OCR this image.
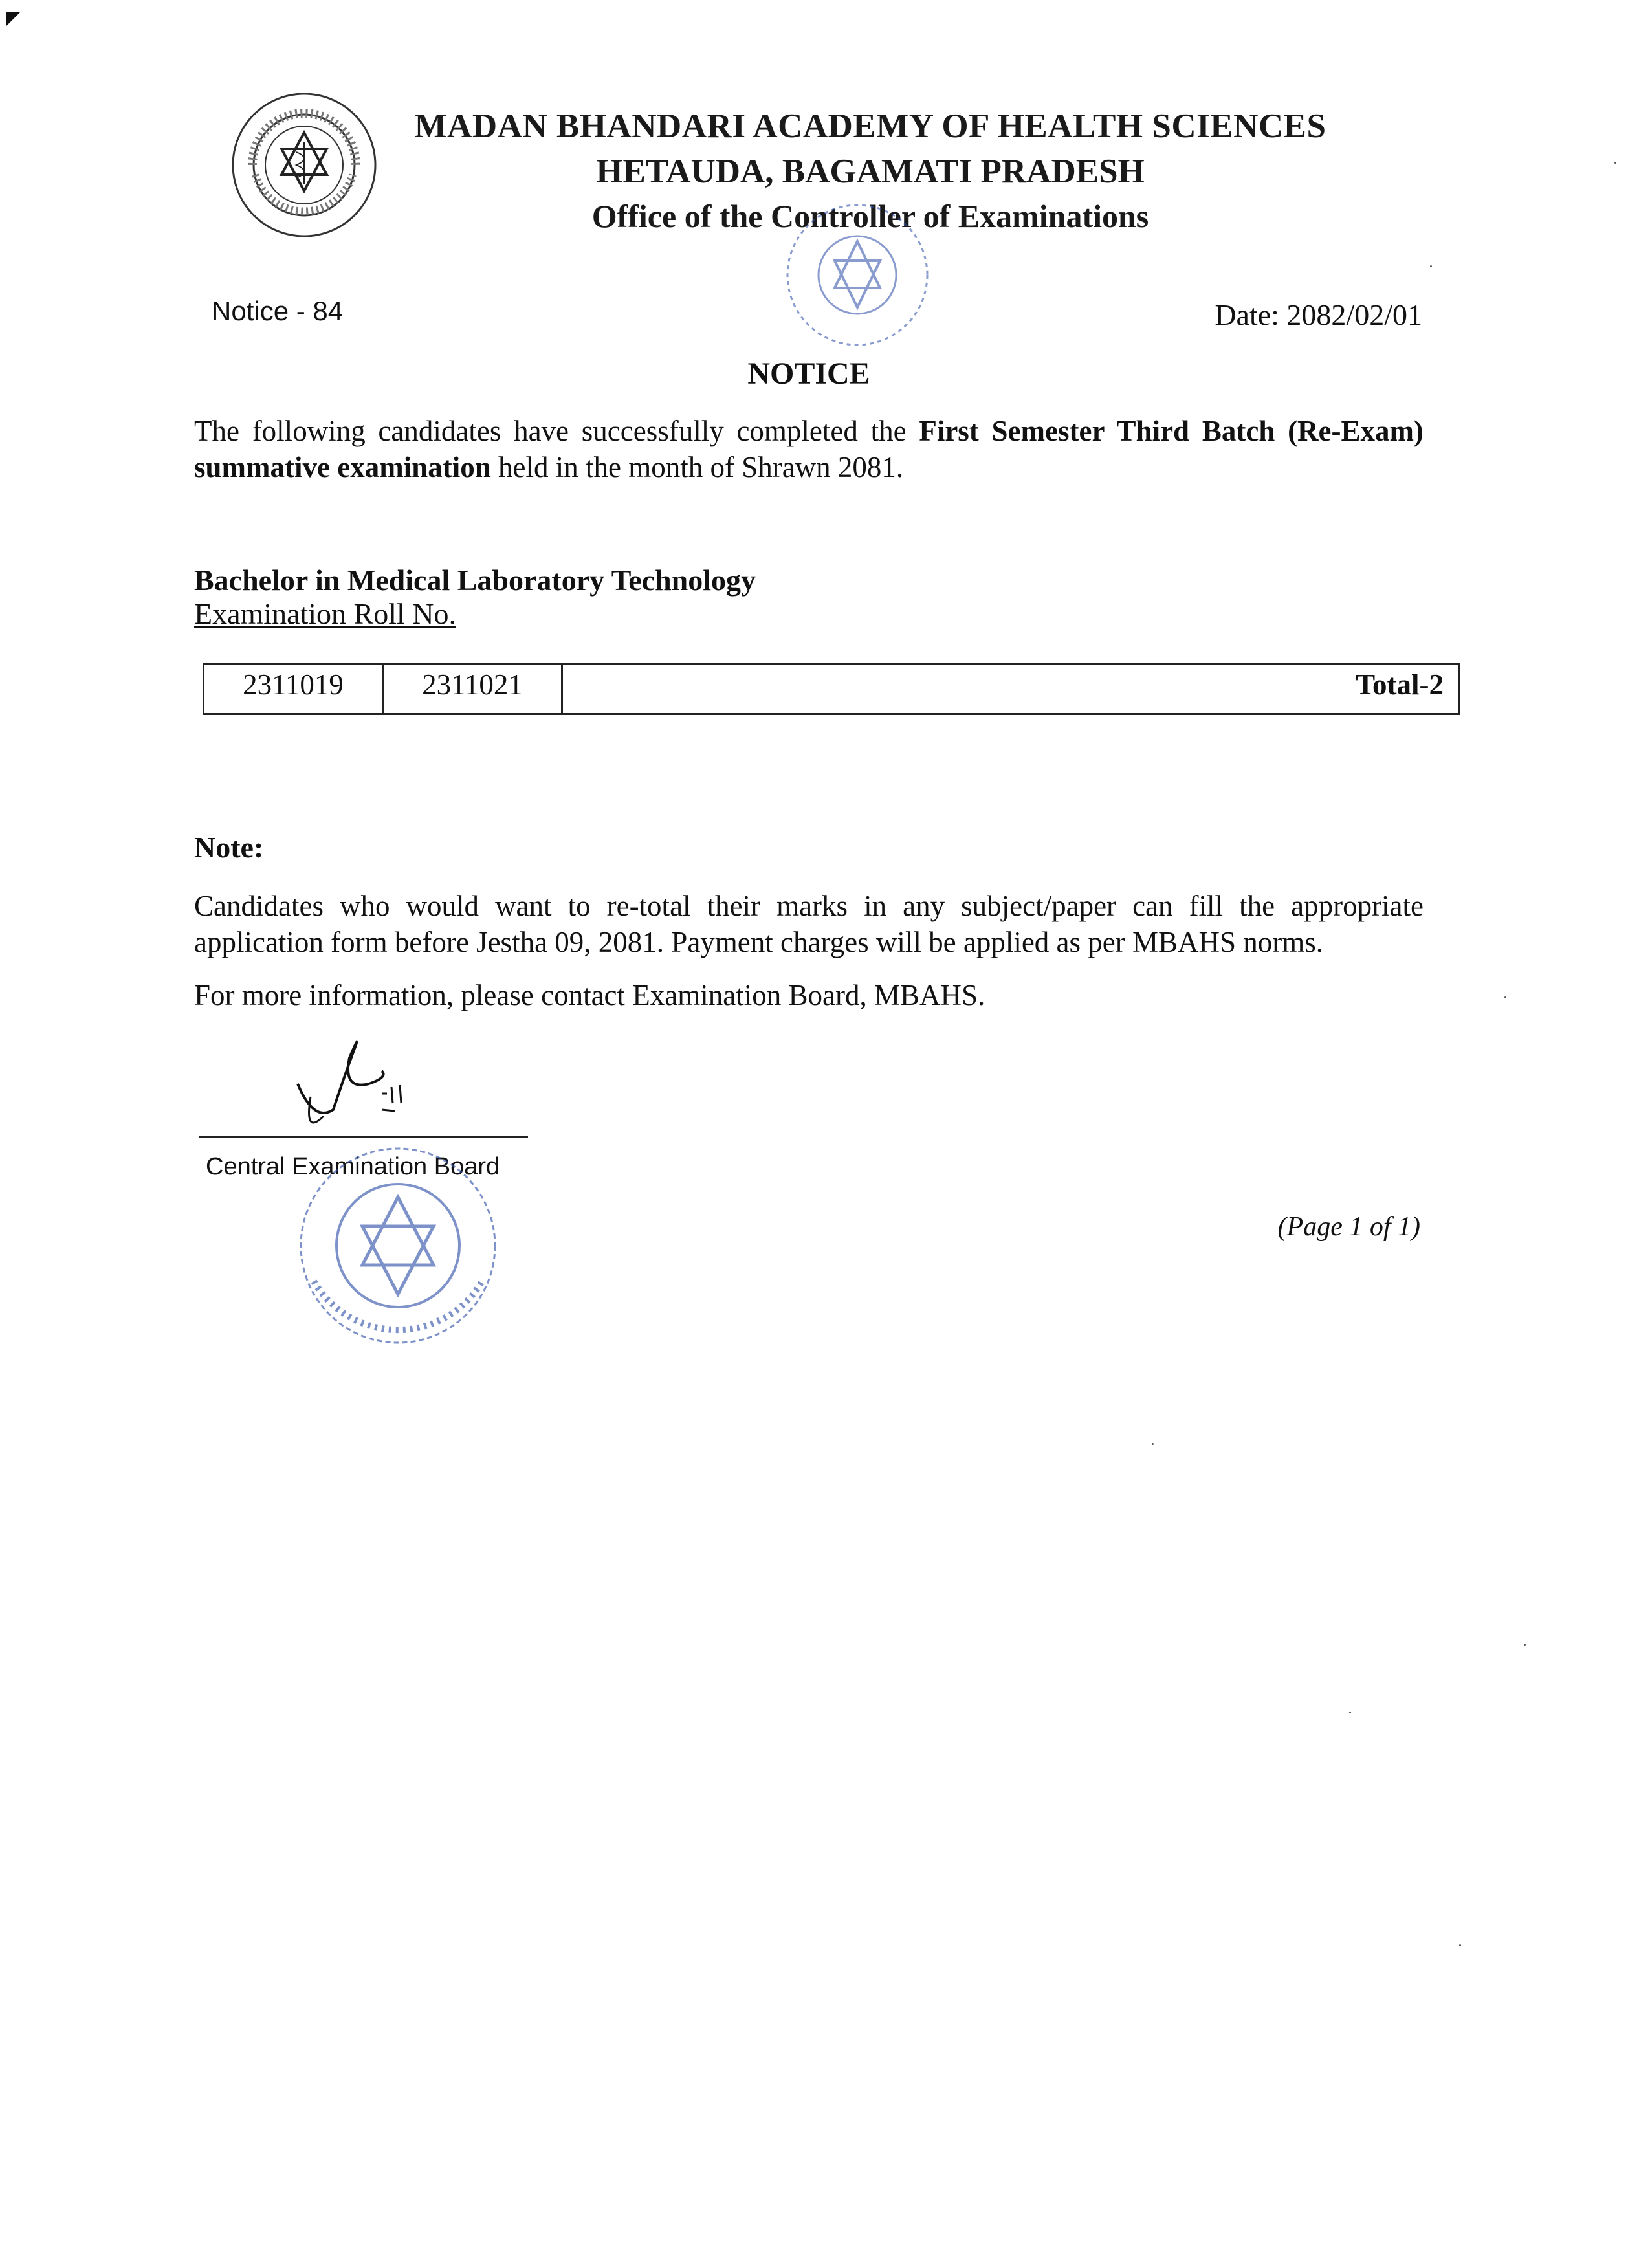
MADAN BHANDARI ACADEMY OF HEALTH SCIENCES
HETAUDA, BAGAMATI PRADESH
Office of the Controller of Examinations
Notice - 84	Date: 2082/02/01
NOTICE
The following candidates have successfully completed the First Semester Third Batch (Re-Exam) summative examination held in the month of Shrawn 2081.
Bachelor in Medical Laboratory Technology
Examination Roll No.
2311019	2311021	Total-2
Note:
Candidates who would want to re-total their marks in any subject/paper can fill the appropriate application form before Jestha 09, 2081. Payment charges will be applied as per MBAHS norms.
For more information, please contact Examination Board, MBAHS.
Central Examination Board
(Page 1 of 1)
